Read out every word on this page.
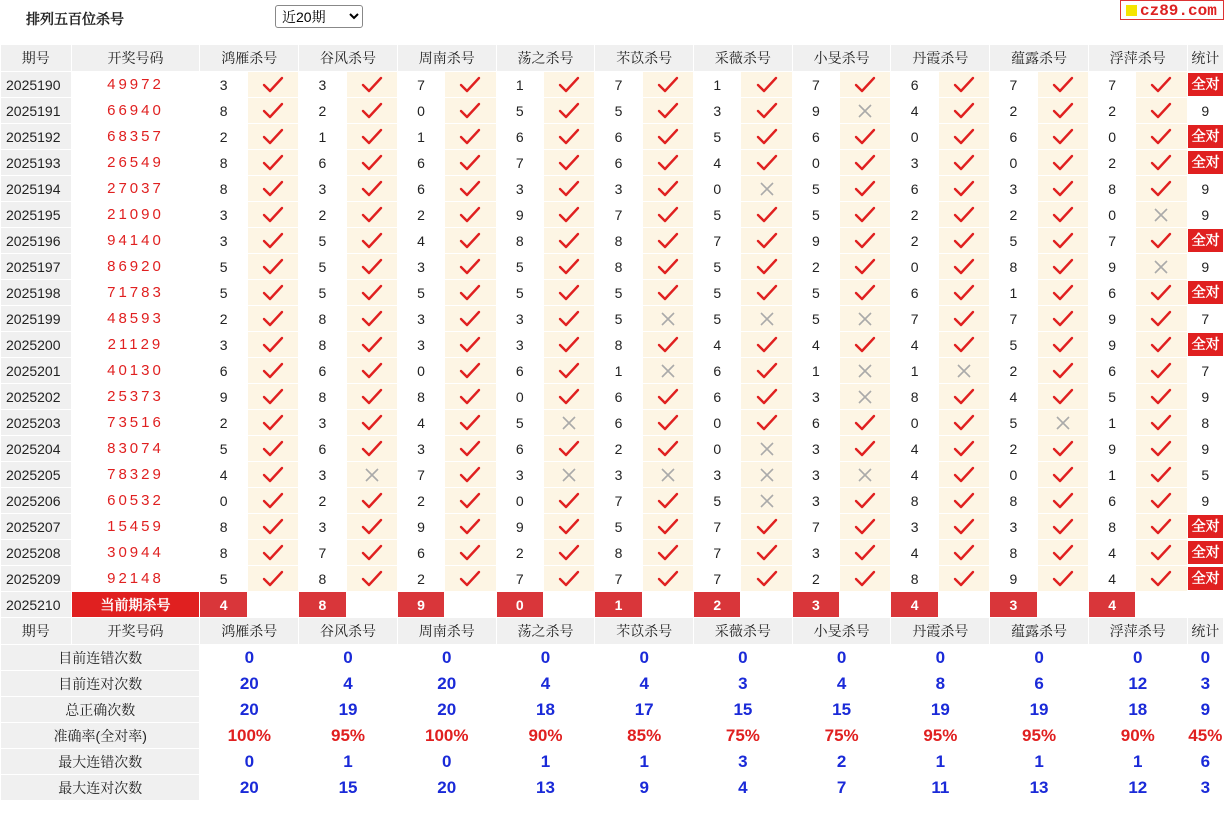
排列五百位杀号
近20期	cz89.com
期号	开奖号码	鸿雁杀号		谷风杀号		周南杀号		荡之杀号		芣苡杀号		采薇杀号		小旻杀号		丹霞杀号		蕴露杀号		浮萍杀号		统计
2025190	49972	3		3		7		1		7		1		7		6		7		7		全对
2025191	66940	8		2		0		5		5		3		9		4		2		2		9
2025192	68357	2		1		1		6		6		5		6		0		6		0		全对
2025193	26549	8		6		6		7		6		4		0		3		0		2		全对
2025194	27037	8		3		6		3		3		0		5		6		3		8		9
2025195	21090	3		2		2		9		7		5		5		2		2		0		9
2025196	94140	3		5		4		8		8		7		9		2		5		7		全对
2025197	86920	5		5		3		5		8		5		2		0		8		9		9
2025198	71783	5		5		5		5		5		5		5		6		1		6		全对
2025199	48593	2		8		3		3		5		5		5		7		7		9		7
2025200	21129	3		8		3		3		8		4		4		4		5		9		全对
2025201	40130	6		6		0		6		1		6		1		1		2		6		7
2025202	25373	9		8		8		0		6		6		3		8		4		5		9
2025203	73516	2		3		4		5		6		0		6		0		5		1		8
2025204	83074	5		6		3		6		2		0		3		4		2		9		9
2025205	78329	4		3		7		3		3		3		3		4		0		1		5
2025206	60532	0		2		2		0		7		5		3		8		8		6		9
2025207	15459	8		3		9		9		5		7		7		3		3		8		全对
2025208	30944	8		7		6		2		8		7		3		4		8		4		全对
2025209	92148	5		8		2		7		7		7		2		8		9		4		全对
2025210	当前期杀号	4		8		9		0		1		2		3		4		3		4		
期号	开奖号码	鸿雁杀号		谷风杀号		周南杀号		荡之杀号		芣苡杀号		采薇杀号		小旻杀号		丹霞杀号		蕴露杀号		浮萍杀号		统计
目前连错次数		0		0		0		0		0		0		0		0		0		0		0
目前连对次数		20		4		20		4		4		3		4		8		6		12		3
总正确次数		20		19		20		18		17		15		15		19		19		18		9
准确率(全对率)		100%		95%		100%		90%		85%		75%		75%		95%		95%		90%		45%
最大连错次数		0		1		0		1		1		3		2		1		1		1		6
最大连对次数		20		15		20		13		9		4		7		11		13		12		3
